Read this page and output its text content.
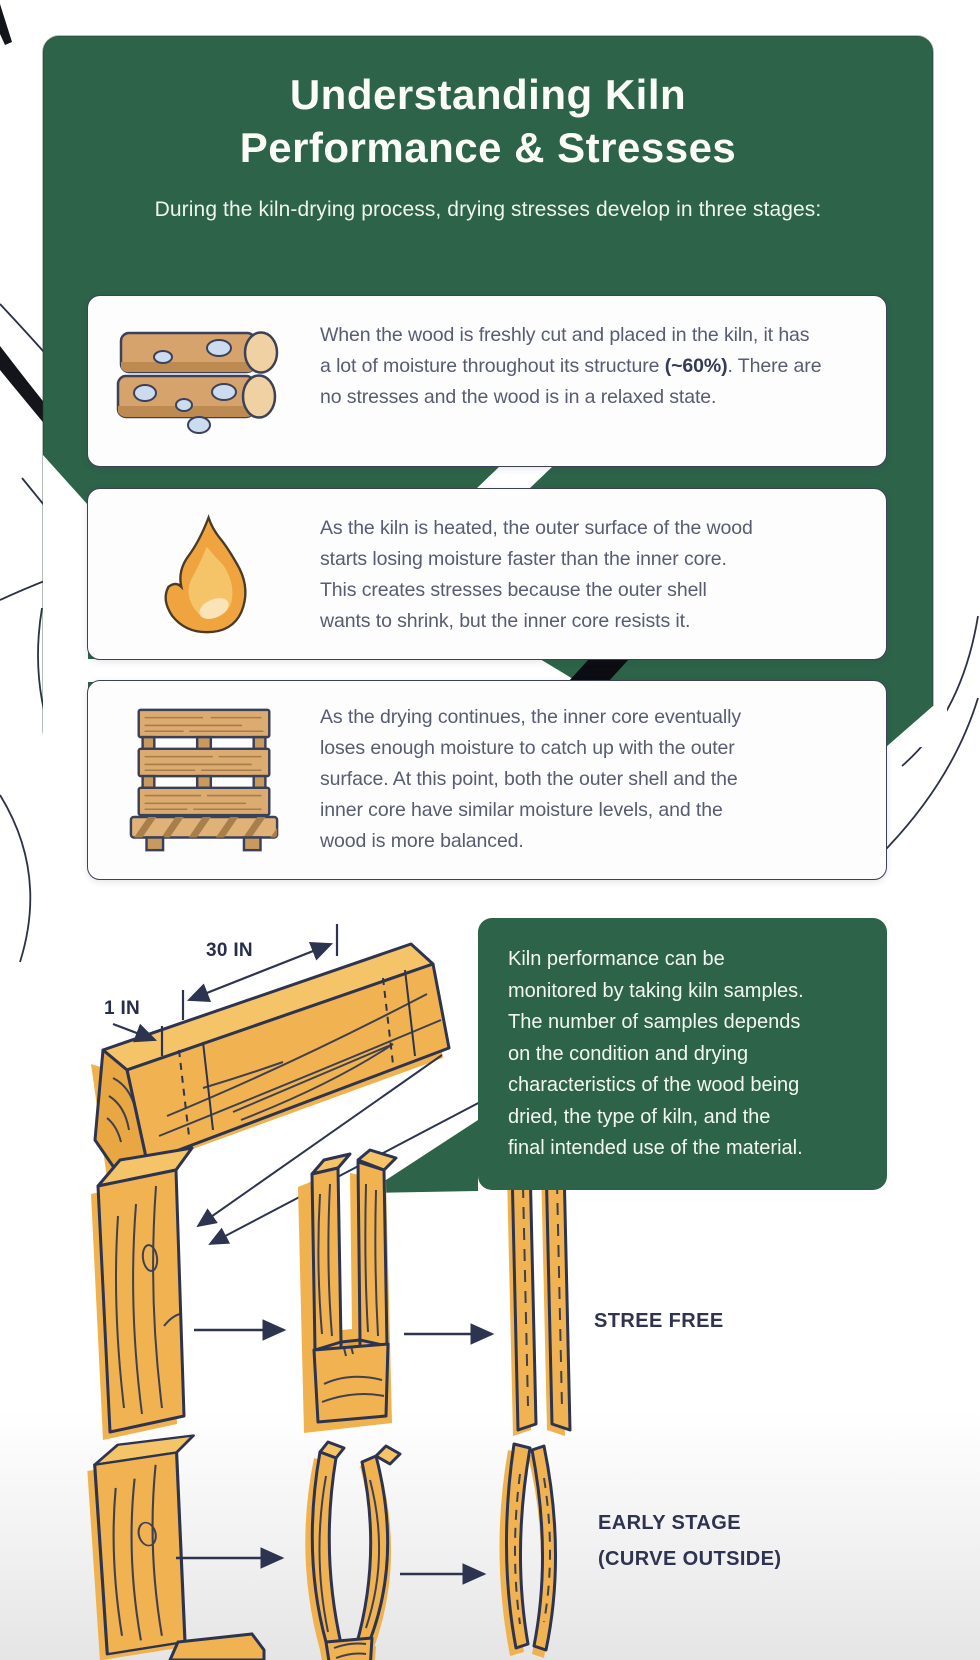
Understanding Kiln
Performance & Stresses
During the kiln-drying process, drying stresses develop in three stages:
When the wood is freshly cut and placed in the kiln, it has a lot of moisture throughout its structure (~60%). There are no stresses and the wood is in a relaxed state.
As the kiln is heated, the outer surface of the wood
starts losing moisture faster than the inner core.
This creates stresses because the outer shell
wants to shrink, but the inner core resists it.
As the drying continues, the inner core eventually
loses enough moisture to catch up with the outer
surface. At this point, both the outer shell and the
inner core have similar moisture levels, and the
wood is more balanced.
Kiln performance can be
monitored by taking kiln samples.
The number of samples depends
on the condition and drying
characteristics of the wood being
dried, the type of kiln, and the
final intended use of the material.
30 IN
1 IN
STREE FREE
EARLY STAGE
(CURVE OUTSIDE)
